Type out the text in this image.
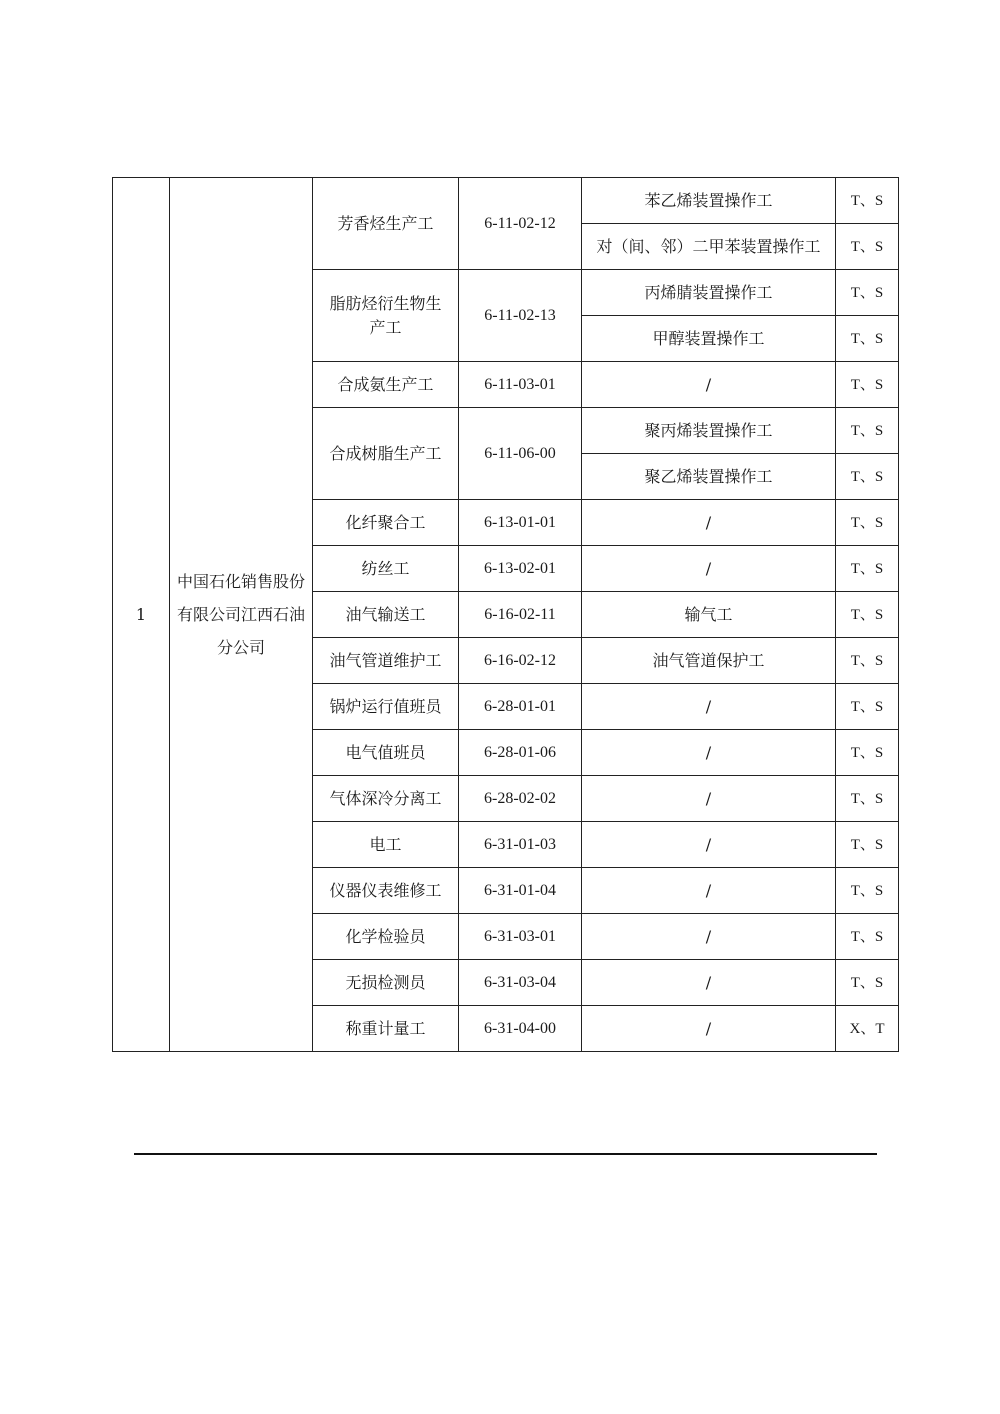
1	中国石化销售股份有限公司江西石油分公司	芳香烃生产工	6-11-02-12	苯乙烯装置操作工	T、S
				对（间、邻）二甲苯装置操作工	T、S
		脂肪烃衍生物生产工	6-11-02-13	丙烯腈装置操作工	T、S
				甲醇装置操作工	T、S
		合成氨生产工	6-11-03-01	/	T、S
		合成树脂生产工	6-11-06-00	聚丙烯装置操作工	T、S
				聚乙烯装置操作工	T、S
		化纤聚合工	6-13-01-01	/	T、S
		纺丝工	6-13-02-01	/	T、S
		油气输送工	6-16-02-11	输气工	T、S
		油气管道维护工	6-16-02-12	油气管道保护工	T、S
		锅炉运行值班员	6-28-01-01	/	T、S
		电气值班员	6-28-01-06	/	T、S
		气体深冷分离工	6-28-02-02	/	T、S
		电工	6-31-01-03	/	T、S
		仪器仪表维修工	6-31-01-04	/	T、S
		化学检验员	6-31-03-01	/	T、S
		无损检测员	6-31-03-04	/	T、S
		称重计量工	6-31-04-00	/	X、T
